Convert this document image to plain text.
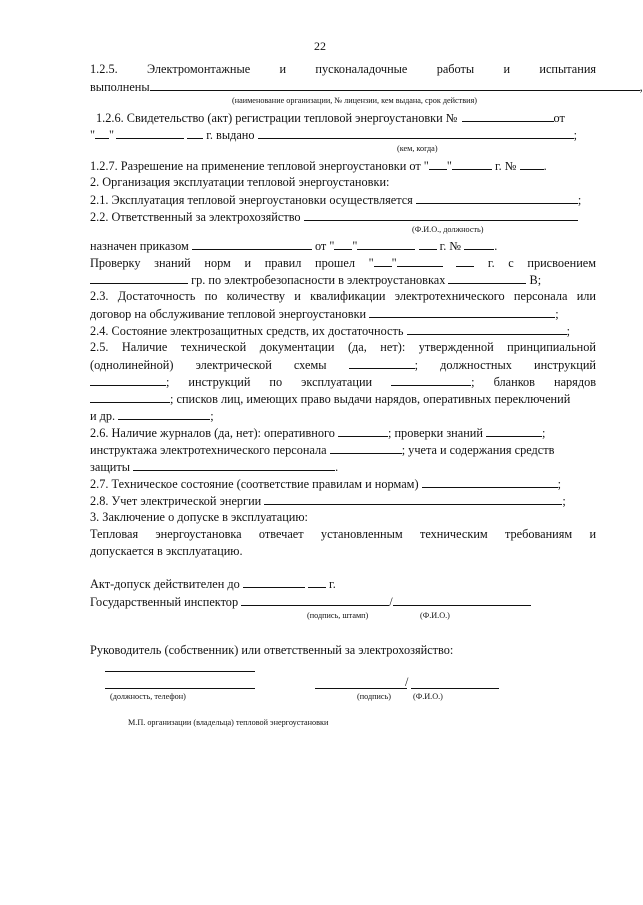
22
1.2.5. Электромонтажные и пусконаладочные работы и испытания
выполнены	,
(наименование организации, № лицензии, кем выдана, срок действия)
1.2.6. Свидетельство (акт) регистрации тепловой энергоустановки №	от
" "	г. выдано	;
(кем, когда)
1.2.7. Разрешение на применение тепловой энергоустановки от " "	г. № .
2. Организация эксплуатации тепловой энергоустановки:
2.1. Эксплуатация тепловой энергоустановки осуществляется	;
2.2. Ответственный за электрохозяйство
(Ф.И.О., должность)
назначен приказом	от " "	г. №	.
Проверку знаний норм и правил прошел " "	г. с присвоением
гр. по электробезопасности в электроустановках	В;
2.3. Достаточность по количеству и квалификации электротехнического персонала или
договор на обслуживание тепловой энергоустановки	;
2.4. Состояние электрозащитных средств, их достаточность	;
2.5. Наличие технической документации (да, нет): утвержденной принципиальной
(однолинейной) электрической схемы	; должностных инструкций
; инструкций по эксплуатации	; бланков нарядов
; списков лиц, имеющих право выдачи нарядов, оперативных переключений
и др.	;
2.6. Наличие журналов (да, нет): оперативного	; проверки знаний	;
инструктажа электротехнического персонала	; учета и содержания средств
защиты	.
2.7. Техническое состояние (соответствие правилам и нормам)	;
2.8. Учет электрической энергии	;
3. Заключение о допуске в эксплуатацию:
Тепловая энергоустановка отвечает установленным техническим требованиям и
допускается в эксплуатацию.
Акт-допуск действителен до	г.
Государственный инспектор	/
(подпись, штамп)	(Ф.И.О.)
Руководитель (собственник) или ответственный за электрохозяйство:
/
(должность, телефон)	(подпись)	(Ф.И.О.)
М.П. организации (владельца) тепловой энергоустановки
